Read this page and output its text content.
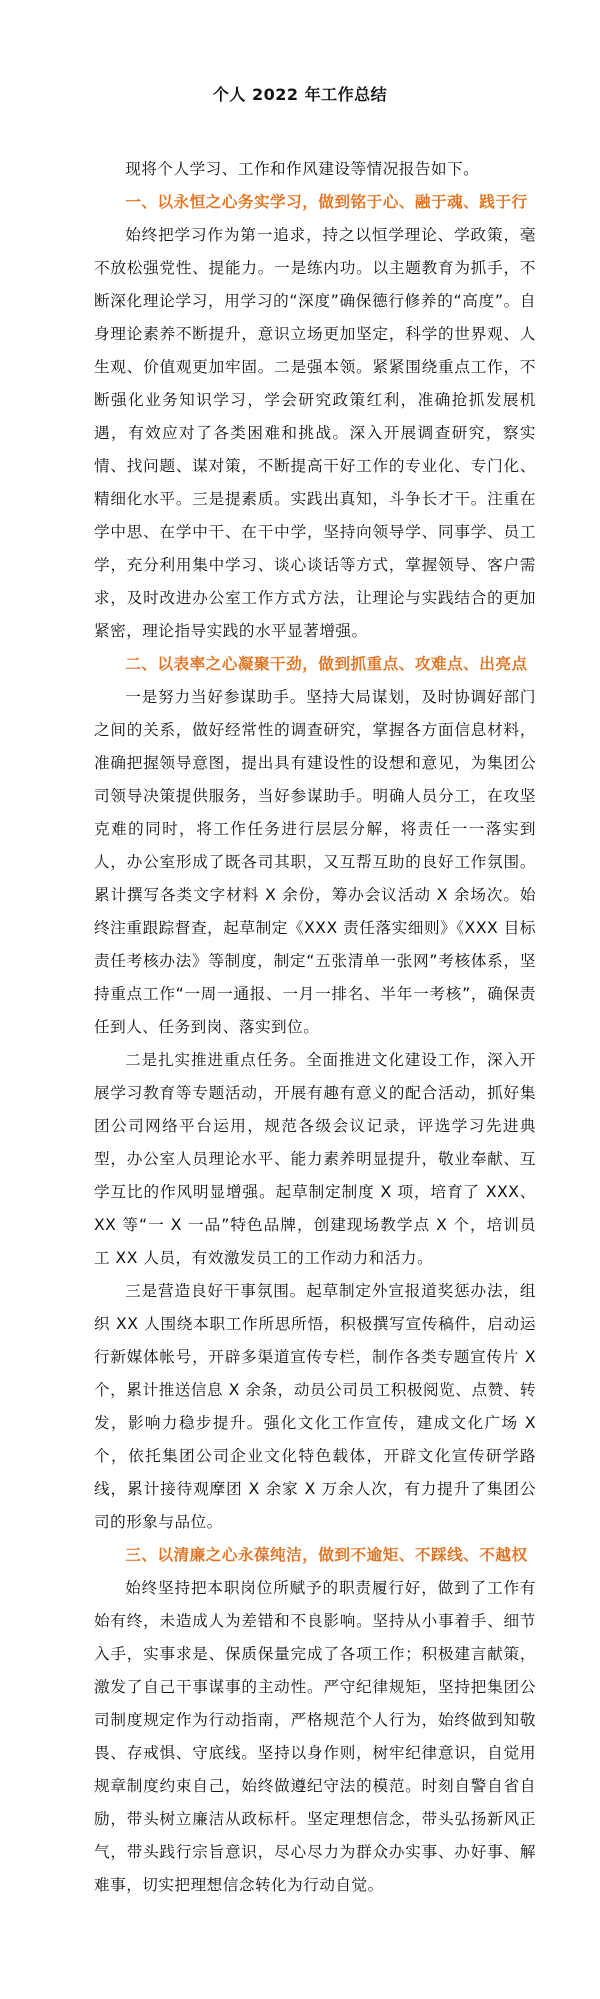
个人 2022 年工作总结

现将个人学习、工作和作风建设等情况报告如下。

一、以永恒之心务实学习，做到铭于心、融于魂、践于行

始终把学习作为第一追求，持之以恒学理论、学政策，毫不放松强党性、提能力。一是练内功。以主题教育为抓手，不断深化理论学习，用学习的“深度”确保德行修养的“高度”。自身理论素养不断提升，意识立场更加坚定，科学的世界观、人生观、价值观更加牢固。二是强本领。紧紧围绕重点工作，不断强化业务知识学习，学会研究政策红利，准确抢抓发展机遇，有效应对了各类困难和挑战。深入开展调查研究，察实情、找问题、谋对策，不断提高干好工作的专业化、专门化、精细化水平。三是提素质。实践出真知，斗争长才干。注重在学中思、在学中干、在干中学，坚持向领导学、同事学、员工学，充分利用集中学习、谈心谈话等方式，掌握领导、客户需求，及时改进办公室工作方式方法，让理论与实践结合的更加紧密，理论指导实践的水平显著增强。

二、以表率之心凝聚干劲，做到抓重点、攻难点、出亮点

一是努力当好参谋助手。坚持大局谋划，及时协调好部门之间的关系，做好经常性的调查研究，掌握各方面信息材料，准确把握领导意图，提出具有建设性的设想和意见，为集团公司领导决策提供服务，当好参谋助手。明确人员分工，在攻坚克难的同时，将工作任务进行层层分解，将责任一一落实到人，办公室形成了既各司其职，又互帮互助的良好工作氛围。累计撰写各类文字材料 X 余份，筹办会议活动 X 余场次。始终注重跟踪督查，起草制定《XXX 责任落实细则》《XXX 目标责任考核办法》等制度，制定“五张清单一张网”考核体系，坚持重点工作“一周一通报、一月一排名、半年一考核”，确保责任到人、任务到岗、落实到位。

二是扎实推进重点任务。全面推进文化建设工作，深入开展学习教育等专题活动，开展有趣有意义的配合活动，抓好集团公司网络平台运用，规范各级会议记录，评选学习先进典型，办公室人员理论水平、能力素养明显提升，敬业奉献、互学互比的作风明显增强。起草制定制度 X 项，培育了 XXX、XX 等“一 X 一品”特色品牌，创建现场教学点 X 个，培训员工 XX 人员，有效激发员工的工作动力和活力。

三是营造良好干事氛围。起草制定外宣报道奖惩办法，组织 XX 人围绕本职工作所思所悟，积极撰写宣传稿件，启动运行新媒体帐号，开辟多渠道宣传专栏，制作各类专题宣传片 X 个，累计推送信息 X 余条，动员公司员工积极阅览、点赞、转发，影响力稳步提升。强化文化工作宣传，建成文化广场 X 个，依托集团公司企业文化特色载体，开辟文化宣传研学路线，累计接待观摩团 X 余家 X 万余人次，有力提升了集团公司的形象与品位。

三、以清廉之心永葆纯洁，做到不逾矩、不踩线、不越权

始终坚持把本职岗位所赋予的职责履行好，做到了工作有始有终，未造成人为差错和不良影响。坚持从小事着手、细节入手，实事求是、保质保量完成了各项工作；积极建言献策，激发了自己干事谋事的主动性。严守纪律规矩，坚持把集团公司制度规定作为行动指南，严格规范个人行为，始终做到知敬畏、存戒惧、守底线。坚持以身作则，树牢纪律意识，自觉用规章制度约束自己，始终做遵纪守法的模范。时刻自警自省自励，带头树立廉洁从政标杆。坚定理想信念，带头弘扬新风正气，带头践行宗旨意识，尽心尽力为群众办实事、办好事、解难事，切实把理想信念转化为行动自觉。
